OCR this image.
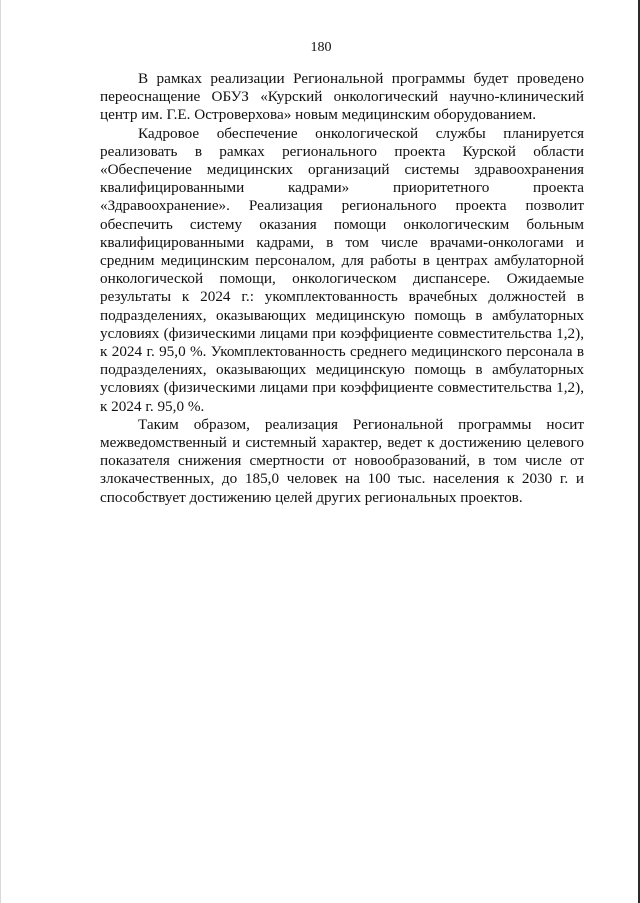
180

В рамках реализации Региональной программы будет проведено переоснащение ОБУЗ «Курский онкологический научно-клинический центр им. Г.Е. Островерхова» новым медицинским оборудованием.

Кадровое обеспечение онкологической службы планируется реализовать в рамках регионального проекта Курской области «Обеспечение медицинских организаций системы здравоохранения квалифицированными кадрами» приоритетного проекта «Здравоохранение». Реализация регионального проекта позволит обеспечить систему оказания помощи онкологическим больным квалифицированными кадрами, в том числе врачами-онкологами и средним медицинским персоналом, для работы в центрах амбулаторной онкологической помощи, онкологическом диспансере. Ожидаемые результаты к 2024 г.: укомплектованность врачебных должностей в подразделениях, оказывающих медицинскую помощь в амбулаторных условиях (физическими лицами при коэффициенте совместительства 1,2), к 2024 г. 95,0 %. Укомплектованность среднего медицинского персонала в подразделениях, оказывающих медицинскую помощь в амбулаторных условиях (физическими лицами при коэффициенте совместительства 1,2), к 2024 г. 95,0 %.

Таким образом, реализация Региональной программы носит межведомственный и системный характер, ведет к достижению целевого показателя снижения смертности от новообразований, в том числе от злокачественных, до 185,0 человек на 100 тыс. населения к 2030 г. и способствует достижению целей других региональных проектов.
